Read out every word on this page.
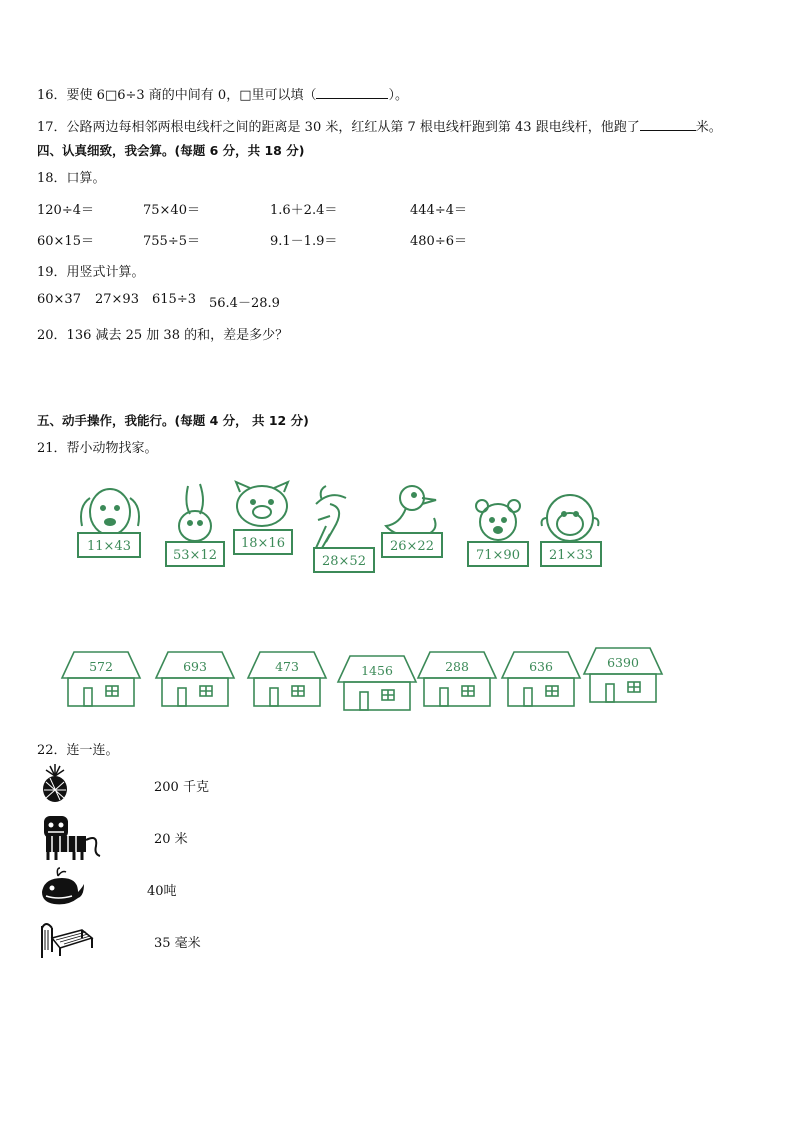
16．要使 6□6÷3 商的中间有 0，□里可以填（	）。
17．公路两边每相邻两根电线杆之间的距离是 30 米，红红从第 7 根电线杆跑到第 43 跟电线杆，他跑了	米。
四、认真细致，我会算。(每题 6 分，共 18 分)
18．口算。
120÷4＝	75×40＝	1.6＋2.4＝	444÷4＝
60×15＝	755÷5＝	9.1－1.9＝	480÷6＝
19．用竖式计算。
60×37 27×93 615÷3 56.4－28.9
20．136 减去 25 加 38 的和，差是多少？
五、动手操作，我能行。(每题 4 分， 共 12 分)
21．帮小动物找家。
11×43
53×12
18×16
28×52
26×22
71×90 21×33
572	693	473	1456	288	636	6390
22．连一连。
200 千克
20 米
40吨
35 毫米
